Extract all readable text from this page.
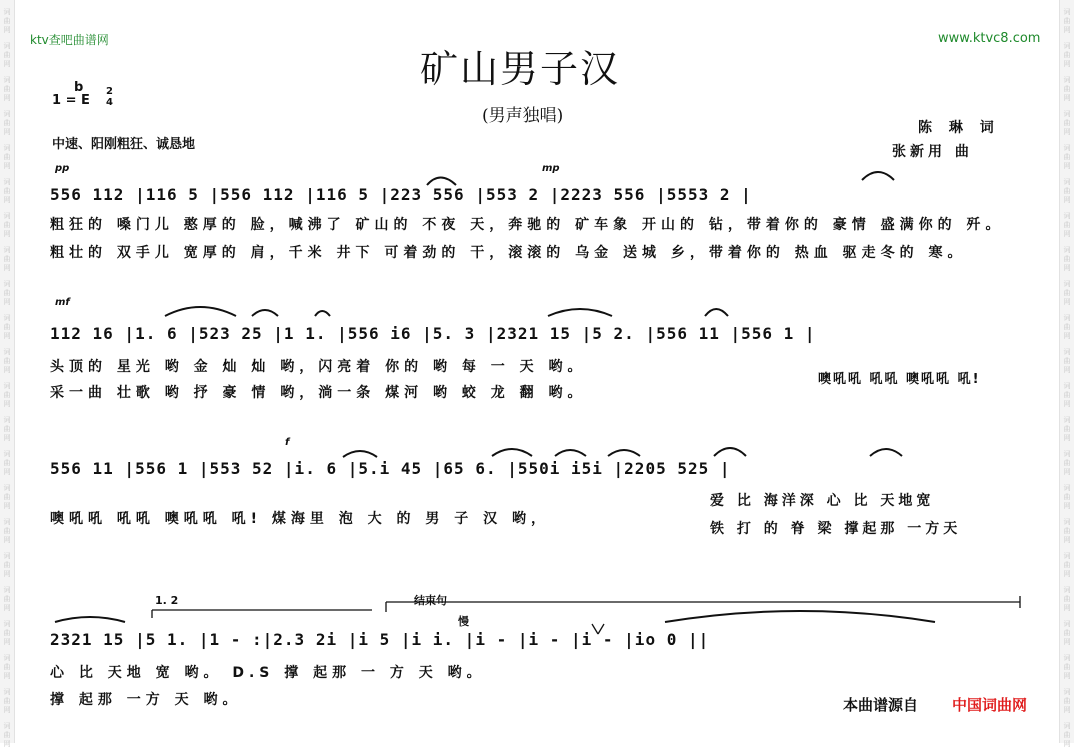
词
曲
网
词
曲
网
词
曲
网
词
曲
网
词
曲
网
词
曲
网
词
曲
网
词
曲
网
词
曲
网
词
曲
网
词
曲
网
词
曲
网
词
曲
网
词
曲
网
词
曲
网
词
曲
网
词
曲
网
词
曲
网
词
曲
网
词
曲
网
词
曲
网
词
曲
网
词
曲
网
词
曲
网
词
曲
网
词
曲
网
词
曲
网
词
曲
网
词
曲
网
词
曲
网
词
曲
网
词
曲
网
词
曲
网
词
曲
网
词
曲
网
词
曲
网
词
曲
网
词
曲
网
词
曲
网
词
曲
网
词
曲
网
词
曲
网
词
曲
网
词
曲
网
ktv查吧曲谱网	www.ktvc8.com
矿山男子汉
(男声独唱)
b
1 = E
2
4
中速、阳刚粗狂、诚恳地
陈 琳 词
张新用 曲
pp	mp
556 112 |116 5 |556 112 |116 5 |223 556 |553 2 |2223 556 |5553 2 |
粗狂的 嗓门儿 憨厚的 脸，喊沸了 矿山的 不夜 天，奔驰的 矿车象 开山的 钻，带着你的 豪情 盛满你的 歼。
粗壮的 双手儿 宽厚的 肩，千米 井下 可着劲的 干，滚滚的 乌金 送城 乡，带着你的 热血 驱走冬的 寒。
mf
112 16 |1. 6 |523 25 |1 1. |556 i6 |5. 3 |2321 15 |5 2. |556 11 |556 1 |
头顶的 星光 哟 金 灿 灿 哟，闪亮着 你的 哟 每 一 天 哟。
采一曲 壮歌 哟 抒 豪 情 哟，淌一条 煤河 哟 蛟 龙 翻 哟。
噢吼吼 吼吼 噢吼吼 吼!
f
556 11 |556 1 |553 52 |i. 6 |5.i 45 |65 6. |550i i5i |2205 525 |
噢吼吼 吼吼 噢吼吼 吼! 煤海里 泡 大 的 男 子 汉 哟，
爱 比 海洋深 心 比 天地宽
铁 打 的 脊 梁 撑起那 一方天
1. 2	结束句
慢
2321 15 |5 1. |1 - :|2.3 2i |i 5 |i i. |i - |i - |i - |io 0 ||
心 比 天地 宽 哟。 D.S 撑 起那 一 方 天 哟。
撑 起那 一方 天 哟。	本曲谱源自 中国词曲网
